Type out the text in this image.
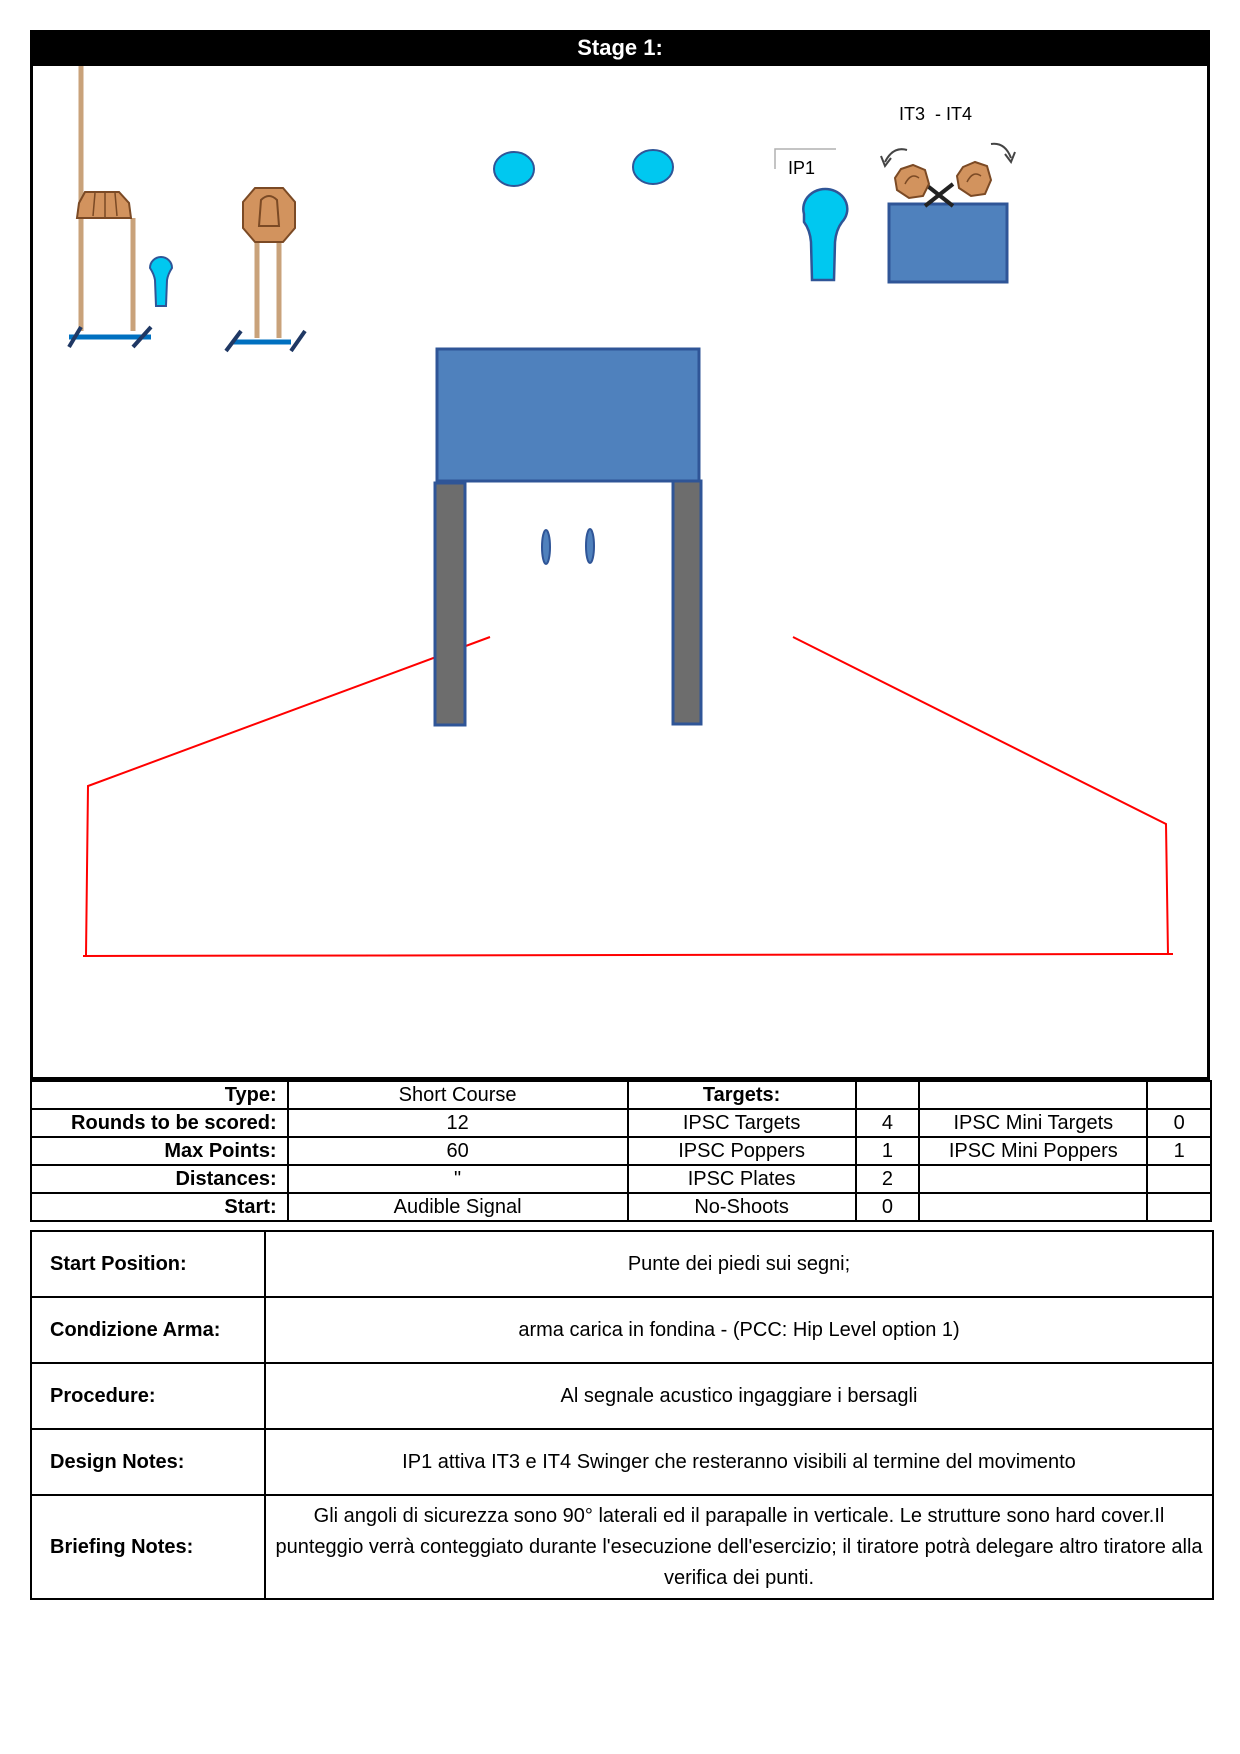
Stage 1:
IT3  - IT4
IP1
Type:	Short Course	Targets:			
Rounds to be scored:	12	IPSC Targets	4	IPSC Mini Targets	0
Max Points:	60	IPSC Poppers	1	IPSC Mini Poppers	1
Distances:	"	IPSC Plates	2		
Start:	Audible Signal	No-Shoots	0		
Start Position:	Punte dei piedi sui segni;
Condizione Arma:	arma carica in fondina - (PCC: Hip Level option 1)
Procedure:	Al segnale acustico ingaggiare i bersagli
Design Notes:	IP1 attiva IT3 e IT4 Swinger che resteranno visibili al termine del movimento
Briefing Notes:	Gli angoli di sicurezza sono 90° laterali ed il parapalle in verticale. Le strutture sono hard cover.Il punteggio verrà conteggiato durante l'esecuzione dell'esercizio; il tiratore potrà delegare altro tiratore alla verifica dei punti.
